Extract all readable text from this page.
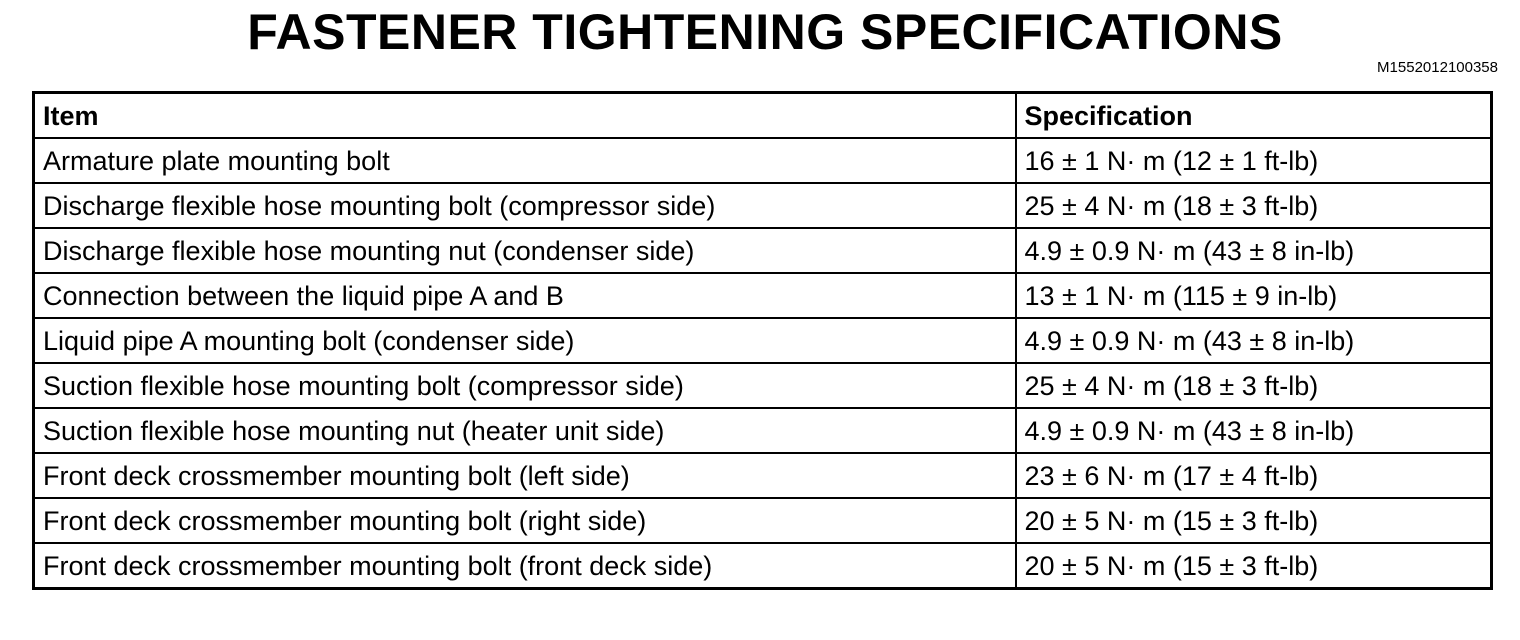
FASTENER TIGHTENING SPECIFICATIONS
M1552012100358
Item	Specification
Armature plate mounting bolt	16 ± 1 N· m (12 ± 1 ft-lb)
Discharge flexible hose mounting bolt (compressor side)	25 ± 4 N· m (18 ± 3 ft-lb)
Discharge flexible hose mounting nut (condenser side)	4.9 ± 0.9 N· m (43 ± 8 in-lb)
Connection between the liquid pipe A and B	13 ± 1 N· m (115 ± 9 in-lb)
Liquid pipe A mounting bolt (condenser side)	4.9 ± 0.9 N· m (43 ± 8 in-lb)
Suction flexible hose mounting bolt (compressor side)	25 ± 4 N· m (18 ± 3 ft-lb)
Suction flexible hose mounting nut (heater unit side)	4.9 ± 0.9 N· m (43 ± 8 in-lb)
Front deck crossmember mounting bolt (left side)	23 ± 6 N· m (17 ± 4 ft-lb)
Front deck crossmember mounting bolt (right side)	20 ± 5 N· m (15 ± 3 ft-lb)
Front deck crossmember mounting bolt (front deck side)	20 ± 5 N· m (15 ± 3 ft-lb)
